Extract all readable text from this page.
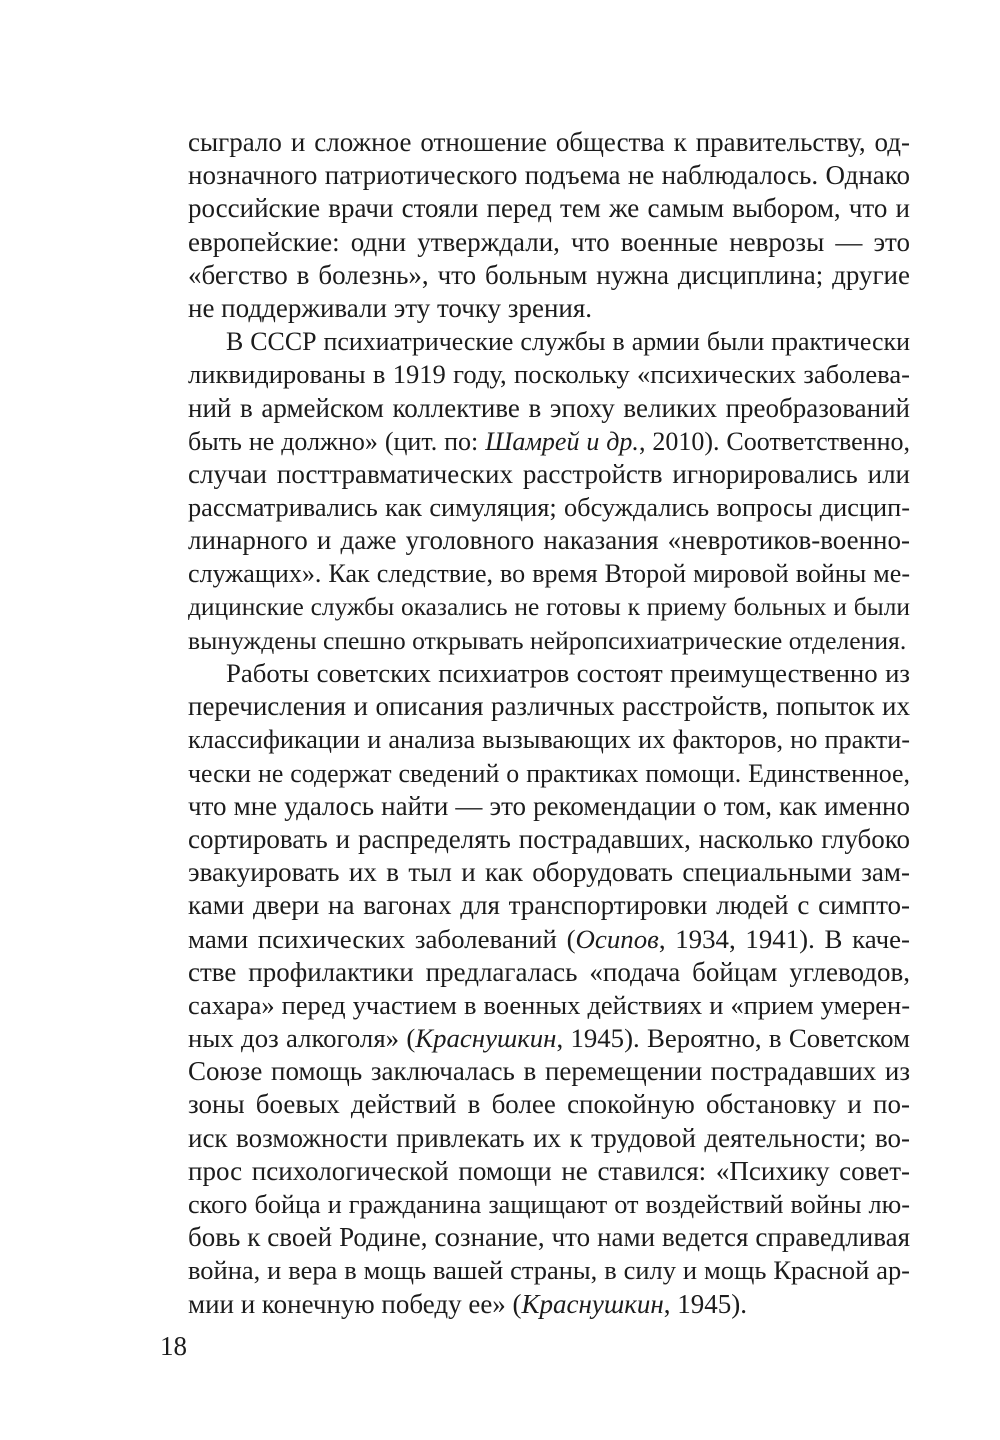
сыграло и сложное отношение общества к правительству, од-
нозначного патриотического подъема не наблюдалось. Однако
российские врачи стояли перед тем же самым выбором, что и
европейские: одни утверждали, что военные неврозы — это
«бегство в болезнь», что больным нужна дисциплина; другие
не поддерживали эту точку зрения.
В СССР психиатрические службы в армии были практически
ликвидированы в 1919 году, поскольку «психических заболева-
ний в армейском коллективе в эпоху великих преобразований
быть не должно» (цит. по: Шамрей и др., 2010). Соответственно,
случаи посттравматических расстройств игнорировались или
рассматривались как симуляция; обсуждались вопросы дисцип-
линарного и даже уголовного наказания «невротиков-военно-
служащих». Как следствие, во время Второй мировой войны ме-
дицинские службы оказались не готовы к приему больных и были
вынуждены спешно открывать нейропсихиатрические отделения.
Работы советских психиатров состоят преимущественно из
перечисления и описания различных расстройств, попыток их
классификации и анализа вызывающих их факторов, но практи-
чески не содержат сведений о практиках помощи. Единственное,
что мне удалось найти — это рекомендации о том, как именно
сортировать и распределять пострадавших, насколько глубоко
эвакуировать их в тыл и как оборудовать специальными зам-
ками двери на вагонах для транспортировки людей с симпто-
мами психических заболеваний (Осипов, 1934, 1941). В каче-
стве профилактики предлагалась «подача бойцам углеводов,
сахара» перед участием в военных действиях и «прием умерен-
ных доз алкоголя» (Краснушкин, 1945). Вероятно, в Советском
Союзе помощь заключалась в перемещении пострадавших из
зоны боевых действий в более спокойную обстановку и по-
иск возможности привлекать их к трудовой деятельности; во-
прос психологической помощи не ставился: «Психику совет-
ского бойца и гражданина защищают от воздействий войны лю-
бовь к своей Родине, сознание, что нами ведется справедливая
война, и вера в мощь вашей страны, в силу и мощь Красной ар-
мии и конечную победу ее» (Краснушкин, 1945).
18
